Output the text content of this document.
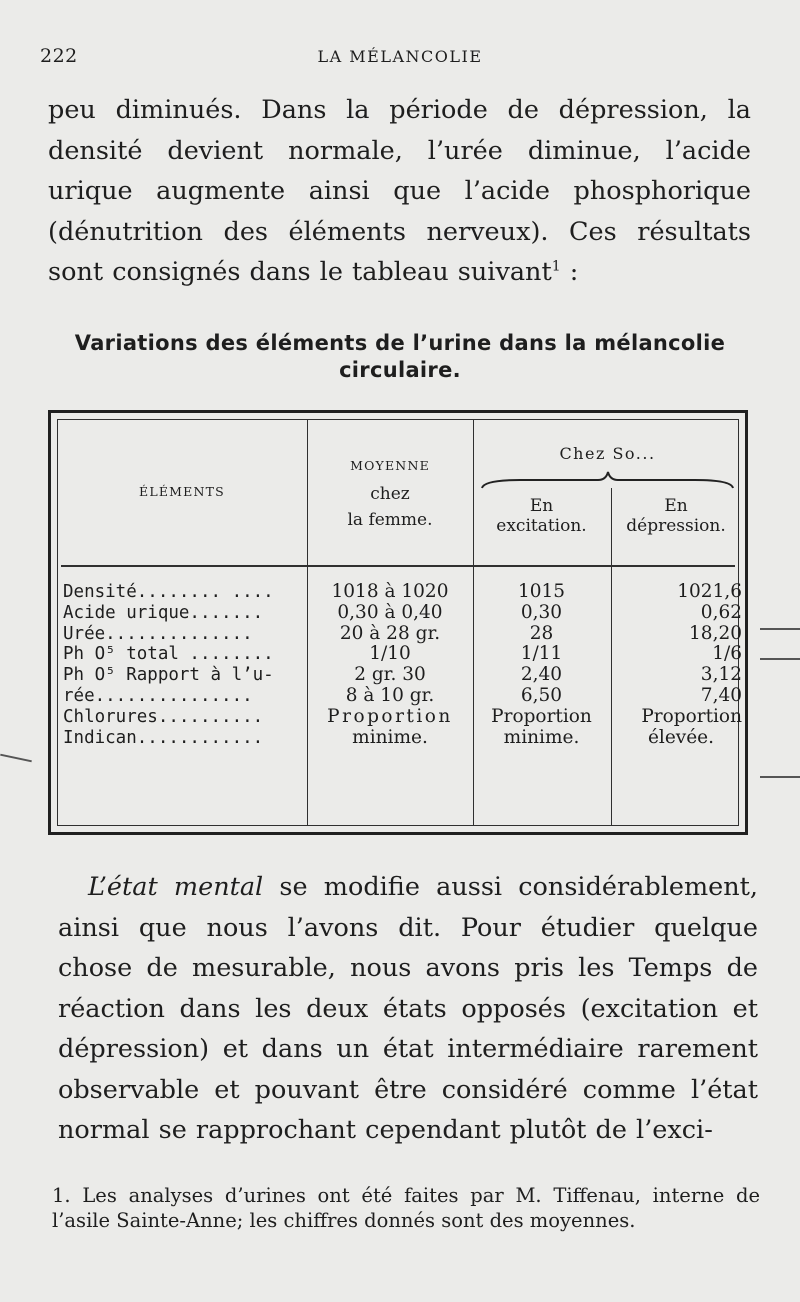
222	LA MÉLANCOLIE
peu diminués. Dans la période de dépression, la densité devient normale, l’urée diminue, l’acide urique augmente ainsi que l’acide phosphorique (dénutrition des éléments nerveux). Ces résultats sont consignés dans le tableau suivant$^1$ :
Variations des éléments de l’urine dans la mélancolie circulaire.
ÉLÉMENTS
MOYENNE
chez
la femme.
Chez So...
En
excitation.
En
dépression.
Densité........ ....
Acide urique.......
Urée..............
Ph O⁵ total ........
Ph O⁵ Rapport à l’u-
rée...............
Chlorures..........
Indican............
1018 à 1020
0,30 à 0,40
20 à 28 gr.
1/10
2 gr. 30
8 à 10 gr.
Proportion
minime.
1015
0,30
28
1/11
2,40
6,50
Proportion
minime.
1021,6
0,62
18,20
1/6
3,12
7,40
Proportion
élevée.
L’état mental se modifie aussi considérablement, ainsi que nous l’avons dit. Pour étudier quelque chose de mesurable, nous avons pris les Temps de réaction dans les deux états opposés (excitation et dépression) et dans un état intermédiaire rarement observable et pouvant être considéré comme l’état normal se rapprochant cependant plutôt de l’exci-
1. Les analyses d’urines ont été faites par M. Tiffenau, interne de l’asile Sainte-Anne; les chiffres donnés sont des moyennes.
